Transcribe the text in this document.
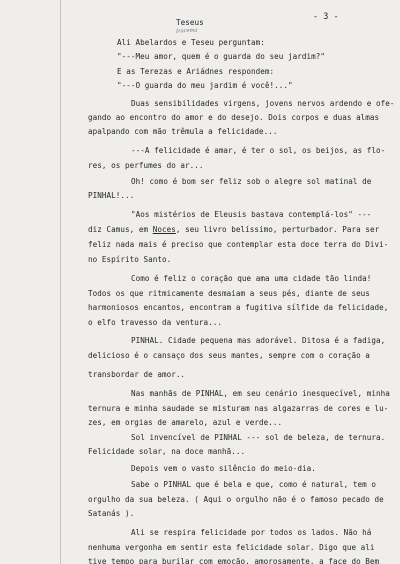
- 3 -
Iracema
Teseus
Ali Abelardos e Teseu perguntam:
"---Meu amor, quem é o guarda do seu jardim?"
E as Terezas e Ariádnes respondem:
"---O guarda do meu jardim é você!..."
Duas sensibilidades virgens, jovens nervos ardendo e ofe-
gando ao encontro do amor e do desejo. Dois corpos e duas almas
apalpando com mão trêmula a felicidade...
---A felicidade é amar, é ter o sol, os beijos, as flo-
res, os perfumes do ar...
Oh! como é bom ser feliz sob o alegre sol matinal de
PINHAL!...
"Aos mistérios de Eleusis bastava contemplá-los" ---
diz Camus, em Noces, seu livro belíssimo, perturbador. Para ser
feliz nada mais é preciso que contemplar esta doce terra do Divi-
no Espírito Santo.
Como é feliz o coração que ama uma cidade tão linda!
Todos os que ritmicamente desmaiam a seus pés, diante de seus
harmoniosos encantos, encontram a fugitiva sílfide da felicidade,
o elfo travesso da ventura...
PINHAL. Cidade pequena mas adorável. Ditosa é a fadiga,
delicioso é o cansaço dos seus mantes, sempre com o coração a
transbordar de amor..
Nas manhãs de PINHAL, em seu cenário inesquecível, minha
ternura e minha saudade se misturam nas algazarras de cores e lu-
zes, em orgias de amarelo, azul e verde...
Sol invencível de PINHAL --- sol de beleza, de ternura.
Felicidade solar, na doce manhã...
Depois vem o vasto silêncio do meio-dia.
Sabe o PINHAL que é bela e que, como é natural, tem o
orgulho da sua beleza. ( Aqui o orgulho não é o famoso pecado de
Satanás ).
Ali se respira felicidade por todos os lados. Não há
nenhuma vergonha em sentir esta felicidade solar. Digo que ali
tive tempo para burilar com emoção, amorosamente, a face do Bem
